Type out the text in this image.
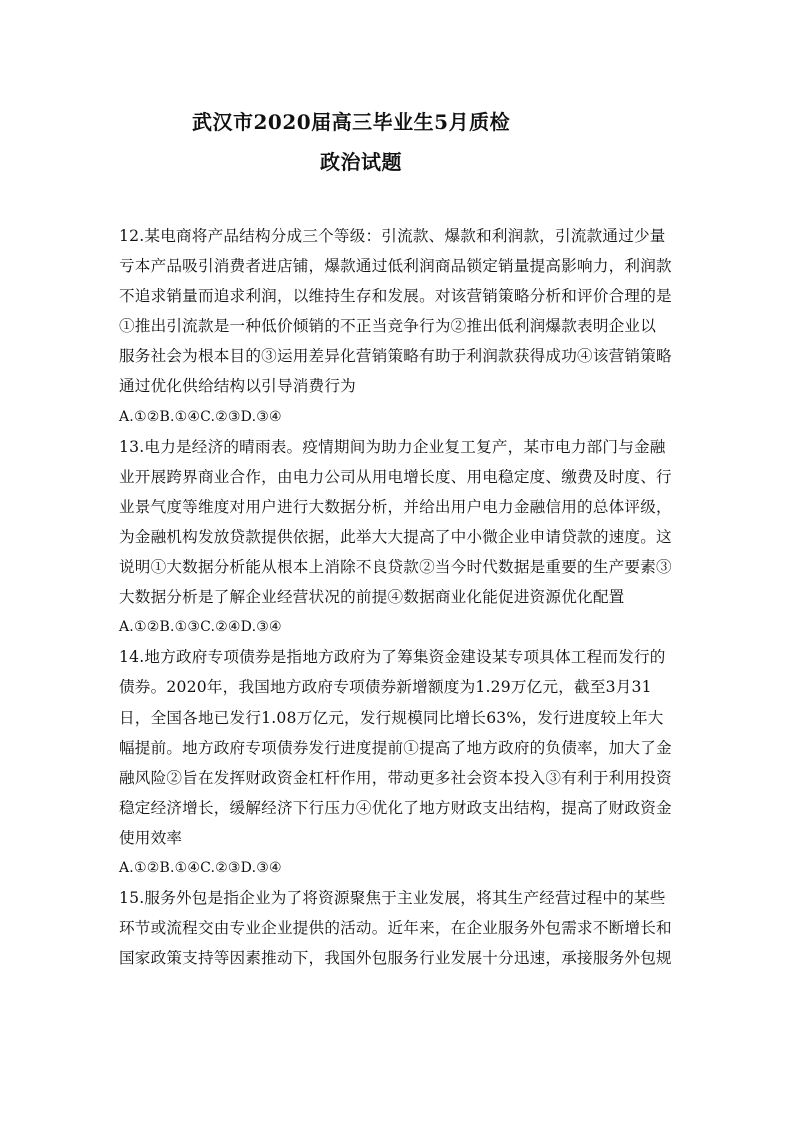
武汉市2020届高三毕业生5月质检
政治试题
12.某电商将产品结构分成三个等级：引流款、爆款和利润款，引流款通过少量
亏本产品吸引消费者进店铺，爆款通过低利润商品锁定销量提高影响力，利润款
不追求销量而追求利润，以维持生存和发展。对该营销策略分析和评价合理的是
①推出引流款是一种低价倾销的不正当竞争行为②推出低利润爆款表明企业以
服务社会为根本目的③运用差异化营销策略有助于利润款获得成功④该营销策略
通过优化供给结构以引导消费行为
A.①②B.①④C.②③D.③④
13.电力是经济的晴雨表。疫情期间为助力企业复工复产，某市电力部门与金融
业开展跨界商业合作，由电力公司从用电增长度、用电稳定度、缴费及时度、行
业景气度等维度对用户进行大数据分析，并给出用户电力金融信用的总体评级，
为金融机构发放贷款提供依据，此举大大提高了中小微企业申请贷款的速度。这
说明①大数据分析能从根本上消除不良贷款②当今时代数据是重要的生产要素③
大数据分析是了解企业经营状况的前提④数据商业化能促进资源优化配置
A.①②B.①③C.②④D.③④
14.地方政府专项债券是指地方政府为了筹集资金建设某专项具体工程而发行的
债券。2020年，我国地方政府专项债券新增额度为1.29万亿元，截至3月31
日，全国各地已发行1.08万亿元，发行规模同比增长63%，发行进度较上年大
幅提前。地方政府专项债券发行进度提前①提高了地方政府的负债率，加大了金
融风险②旨在发挥财政资金杠杆作用，带动更多社会资本投入③有利于利用投资
稳定经济增长，缓解经济下行压力④优化了地方财政支出结构，提高了财政资金
使用效率
A.①②B.①④C.②③D.③④
15.服务外包是指企业为了将资源聚焦于主业发展，将其生产经营过程中的某些
环节或流程交由专业企业提供的活动。近年来，在企业服务外包需求不断增长和
国家政策支持等因素推动下，我国外包服务行业发展十分迅速，承接服务外包规
